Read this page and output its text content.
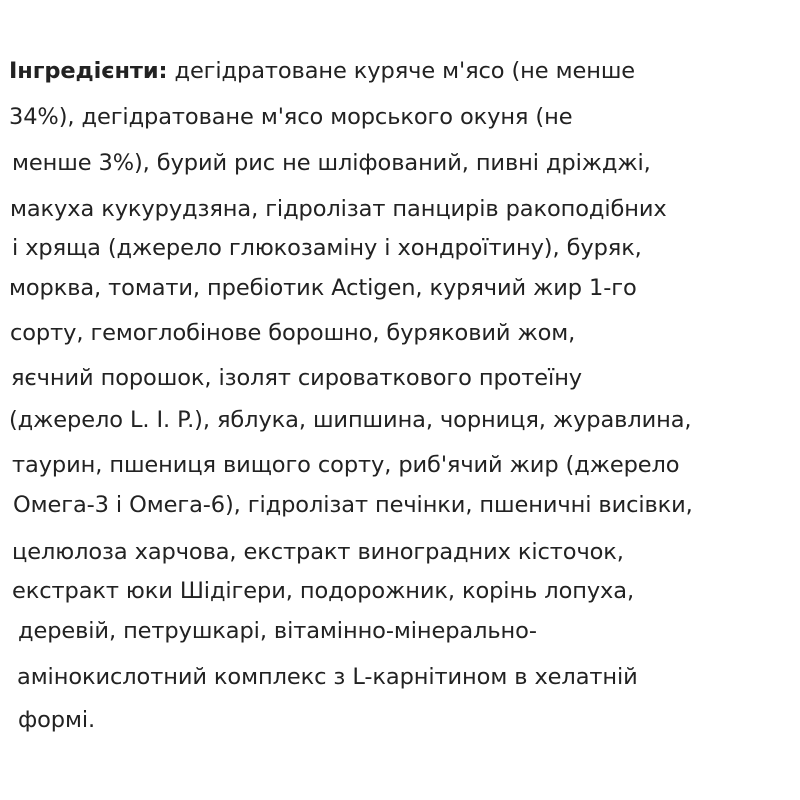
Інгредієнти: дегідратоване куряче м'ясо (не менше
34%), дегідратоване м'ясо морського окуня (не
менше 3%), бурий рис не шліфований, пивні дріжджі,
макуха кукурудзяна, гідролізат панцирів ракоподібних
і хряща (джерело глюкозаміну і хондроїтину), буряк,
морква, томати, пребіотик Actigen, курячий жир 1-го
сорту, гемоглобінове борошно, буряковий жом,
яєчний порошок, ізолят сироваткового протеїну
(джерело L. I. P.), яблука, шипшина, чорниця, журавлина,
таурин, пшениця вищого сорту, риб'ячий жир (джерело
Омега-3 і Омега-6), гідролізат печінки, пшеничні висівки,
целюлоза харчова, екстракт виноградних кісточок,
екстракт юки Шідігери, подорожник, корінь лопуха,
деревій, петрушкарі, вітамінно-мінерально-
амінокислотний комплекс з L-карнітином в хелатній
формі.
